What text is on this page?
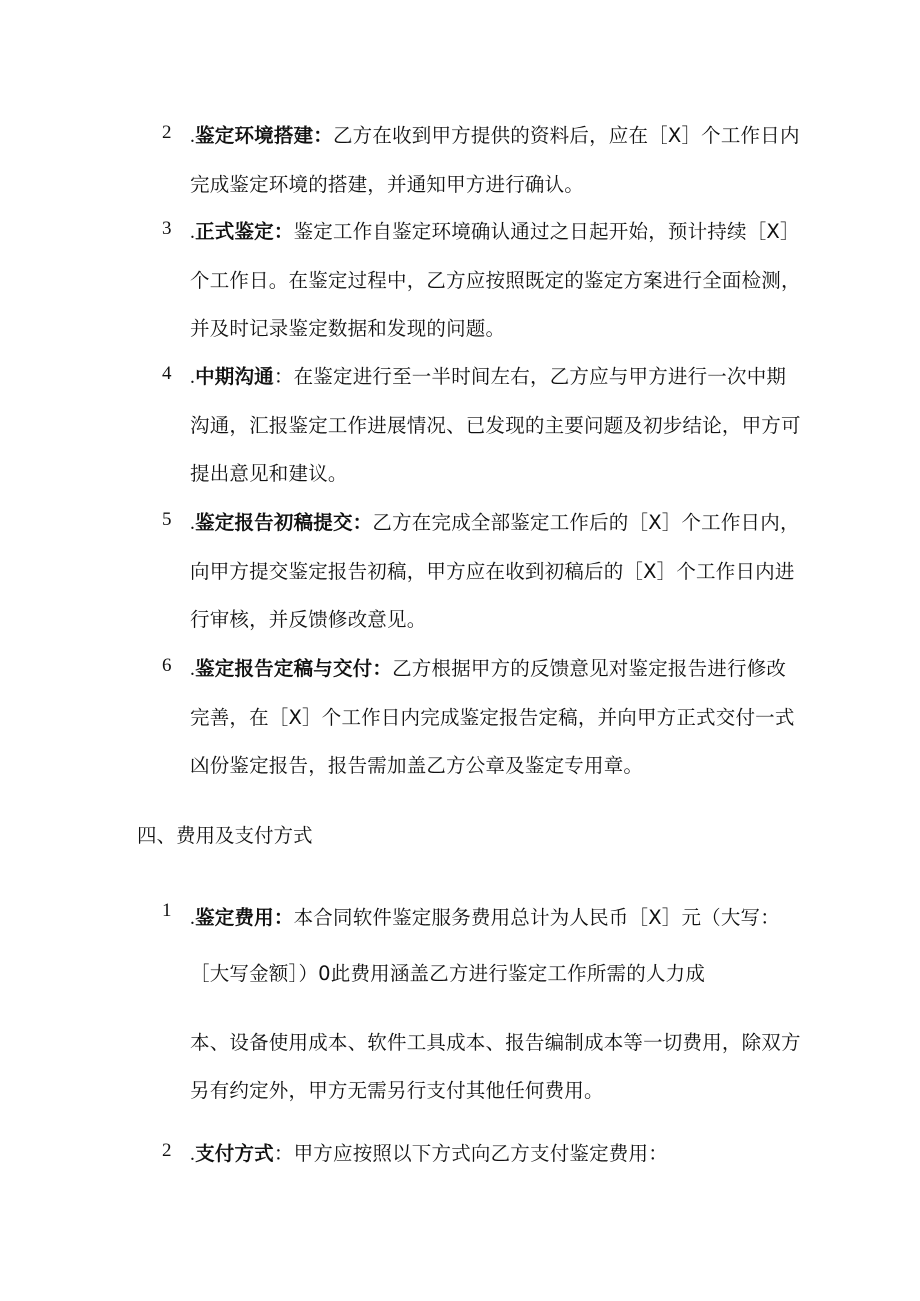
2 .鉴定环境搭建：乙方在收到甲方提供的资料后，应在［X］个工作日内完成鉴定环境的搭建，并通知甲方进行确认。
3 .正式鉴定：鉴定工作自鉴定环境确认通过之日起开始，预计持续［X］个工作日。在鉴定过程中，乙方应按照既定的鉴定方案进行全面检测，并及时记录鉴定数据和发现的问题。
4 .中期沟通：在鉴定进行至一半时间左右，乙方应与甲方进行一次中期沟通，汇报鉴定工作进展情况、已发现的主要问题及初步结论，甲方可提出意见和建议。
5 .鉴定报告初稿提交：乙方在完成全部鉴定工作后的［X］个工作日内，向甲方提交鉴定报告初稿，甲方应在收到初稿后的［X］个工作日内进行审核，并反馈修改意见。
6 .鉴定报告定稿与交付：乙方根据甲方的反馈意见对鉴定报告进行修改完善，在［X］个工作日内完成鉴定报告定稿，并向甲方正式交付一式凶份鉴定报告，报告需加盖乙方公章及鉴定专用章。
四、费用及支付方式
1 .鉴定费用：本合同软件鉴定服务费用总计为人民币［X］元（大写：［大写金额］）0此费用涵盖乙方进行鉴定工作所需的人力成
本、设备使用成本、软件工具成本、报告编制成本等一切费用，除双方另有约定外，甲方无需另行支付其他任何费用。
2 .支付方式：甲方应按照以下方式向乙方支付鉴定费用：
